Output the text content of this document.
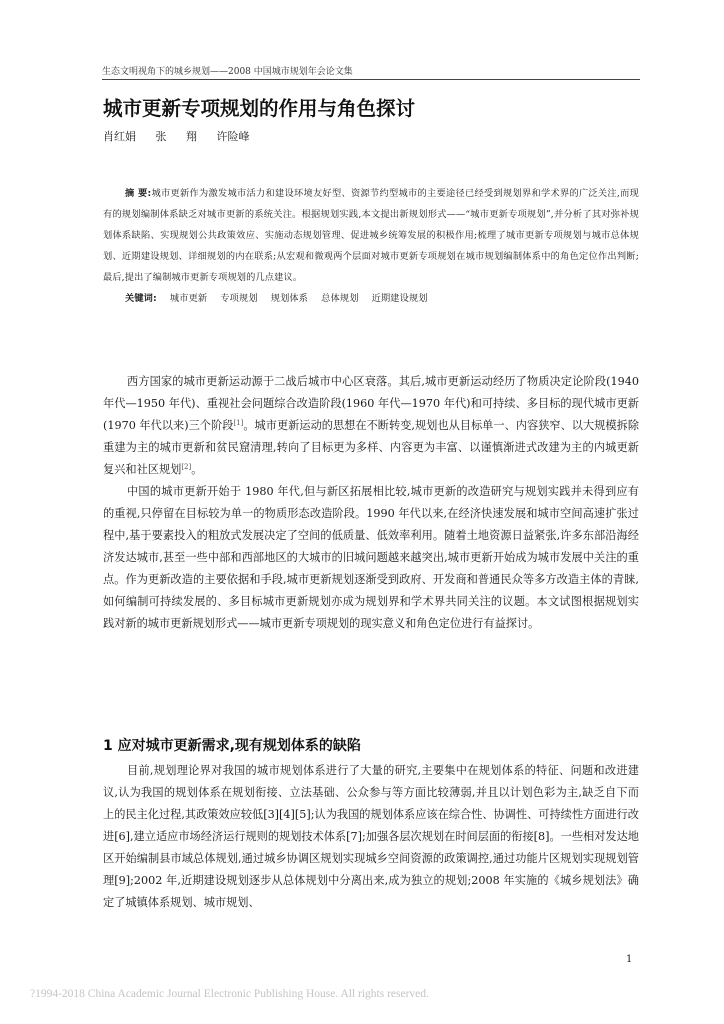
生态文明视角下的城乡规划——2008 中国城市规划年会论文集
城市更新专项规划的作用与角色探讨
肖红娟 张 翔 许险峰

摘 要:城市更新作为激发城市活力和建设环境友好型、资源节约型城市的主要途径已经受到规划界和学术界的广泛关注,而现有的规划编制体系缺乏对城市更新的系统关注。根据规划实践,本文提出新规划形式——“城市更新专项规划”,并分析了其对弥补规划体系缺陷、实现规划公共政策效应、实施动态规划管理、促进城乡统筹发展的积极作用;梳理了城市更新专项规划与城市总体规划、近期建设规划、详细规划的内在联系;从宏观和微观两个层面对城市更新专项规划在城市规划编制体系中的角色定位作出判断;最后,提出了编制城市更新专项规划的几点建议。

关键词: 城市更新 专项规划 规划体系 总体规划 近期建设规划

西方国家的城市更新运动源于二战后城市中心区衰落。其后,城市更新运动经历了物质决定论阶段(1940 年代—1950 年代)、重视社会问题综合改造阶段(1960 年代—1970 年代)和可持续、多目标的现代城市更新(1970 年代以来)三个阶段[1]。城市更新运动的思想在不断转变,规划也从目标单一、内容狭窄、以大规模拆除重建为主的城市更新和贫民窟清理,转向了目标更为多样、内容更为丰富、以谨慎渐进式改建为主的内城更新复兴和社区规划[2]。

中国的城市更新开始于 1980 年代,但与新区拓展相比较,城市更新的改造研究与规划实践并未得到应有的重视,只停留在目标较为单一的物质形态改造阶段。1990 年代以来,在经济快速发展和城市空间高速扩张过程中,基于要素投入的粗放式发展决定了空间的低质量、低效率利用。随着土地资源日益紧张,许多东部沿海经济发达城市,甚至一些中部和西部地区的大城市的旧城问题越来越突出,城市更新开始成为城市发展中关注的重点。作为更新改造的主要依据和手段,城市更新规划逐渐受到政府、开发商和普通民众等多方改造主体的青睐,如何编制可持续发展的、多目标城市更新规划亦成为规划界和学术界共同关注的议题。本文试图根据规划实践对新的城市更新规划形式——城市更新专项规划的现实意义和角色定位进行有益探讨。

1 应对城市更新需求,现有规划体系的缺陷

目前,规划理论界对我国的城市规划体系进行了大量的研究,主要集中在规划体系的特征、问题和改进建议,认为我国的规划体系在规划衔接、立法基础、公众参与等方面比较薄弱,并且以计划色彩为主,缺乏自下而上的民主化过程,其政策效应较低[3][4][5];认为我国的规划体系应该在综合性、协调性、可持续性方面进行改进[6],建立适应市场经济运行规则的规划技术体系[7];加强各层次规划在时间层面的衔接[8]。一些相对发达地区开始编制县市域总体规划,通过城乡协调区规划实现城乡空间资源的政策调控,通过功能片区规划实现规划管理[9];2002 年,近期建设规划逐步从总体规划中分离出来,成为独立的规划;2008 年实施的《城乡规划法》确定了城镇体系规划、城市规划、

1
?1994-2018 China Academic Journal Electronic Publishing House. All rights reserved.
